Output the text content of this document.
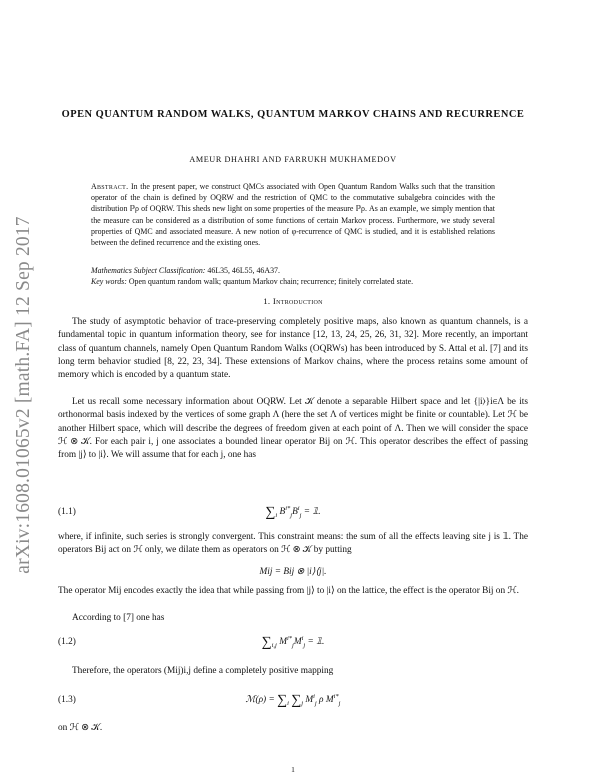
arXiv:1608.01065v2 [math.FA] 12 Sep 2017
OPEN QUANTUM RANDOM WALKS, QUANTUM MARKOV CHAINS AND RECURRENCE
AMEUR DHAHRI AND FARRUKH MUKHAMEDOV
Abstract. In the present paper, we construct QMCs associated with Open Quantum Random Walks such that the transition operator of the chain is defined by OQRW and the restriction of QMC to the commutative subalgebra coincides with the distribution ℙρ of OQRW. This sheds new light on some properties of the measure ℙρ. As an example, we simply mention that the measure can be considered as a distribution of some functions of certain Markov process. Furthermore, we study several properties of QMC and associated measure. A new notion of φ-recurrence of QMC is studied, and it is established relations between the defined recurrence and the existing ones.
Mathematics Subject Classification: 46L35, 46L55, 46A37.
Key words: Open quantum random walk; quantum Markov chain; recurrence; finitely correlated state.
1. Introduction
The study of asymptotic behavior of trace-preserving completely positive maps, also known as quantum channels, is a fundamental topic in quantum information theory, see for instance [12, 13, 24, 25, 26, 31, 32]. More recently, an important class of quantum channels, namely Open Quantum Random Walks (OQRWs) has been introduced by S. Attal et al. [7] and its long term behavior studied [8, 22, 23, 34]. These extensions of Markov chains, where the process retains some amount of memory which is encoded by a quantum state.
Let us recall some necessary information about OQRW. Let 𝒦 denote a separable Hilbert space and let {|i⟩}i∈Λ be its orthonormal basis indexed by the vertices of some graph Λ (here the set Λ of vertices might be finite or countable). Let ℋ be another Hilbert space, which will describe the degrees of freedom given at each point of Λ. Then we will consider the space ℋ ⊗ 𝒦. For each pair i, j one associates a bounded linear operator Bij on ℋ. This operator describes the effect of passing from |j⟩ to |i⟩. We will assume that for each j, one has
(1.1)	$\sum_i$ $B^{i*}_jB^i_j$ = 𝟙.
where, if infinite, such series is strongly convergent. This constraint means: the sum of all the effects leaving site j is 𝟙. The operators Bij act on ℋ only, we dilate them as operators on ℋ ⊗ 𝒦 by putting
Mij = Bij ⊗ |i⟩⟨j|.
The operator Mij encodes exactly the idea that while passing from |j⟩ to |i⟩ on the lattice, the effect is the operator Bij on ℋ.
According to [7] one has
(1.2)	$\sum_{i,j}$ $M^{i*}_jM^i_j$ = 𝟙.
Therefore, the operators (Mij)i,j define a completely positive mapping
(1.3)	ℳ(ρ) = $\sum_i$ $\sum_j$ $M^i_j$ ρ $M^{i*}_j$
on ℋ ⊗ 𝒦.
1
